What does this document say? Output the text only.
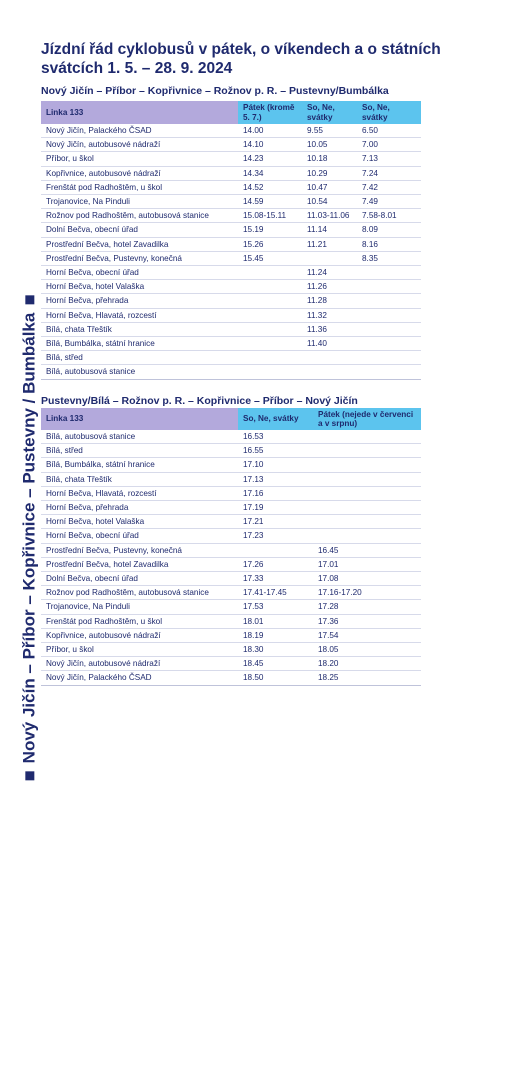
Nový Jičín – Příbor – Kopřivnice – Pustevny / Bumbálka
Jízdní řád cyklobusů v pátek, o víkendech a o státních svátcích 1. 5. – 28. 9. 2024
Nový Jičín – Příbor – Kopřivnice – Rožnov p. R. – Pustevny/Bumbálka
Linka 133	Pátek (kromě 5. 7.)	So, Ne, svátky	So, Ne, svátky
Nový Jičín, Palackého ČSAD	14.00	9.55	6.50
Nový Jičín, autobusové nádraží	14.10	10.05	7.00
Příbor, u škol	14.23	10.18	7.13
Kopřivnice, autobusové nádraží	14.34	10.29	7.24
Frenštát pod Radhoštěm, u škol	14.52	10.47	7.42
Trojanovice, Na Pinduli	14.59	10.54	7.49
Rožnov pod Radhoštěm, autobusová stanice	15.08-15.11	11.03-11.06	7.58-8.01
Dolní Bečva, obecní úřad	15.19	11.14	8.09
Prostřední Bečva, hotel Zavadilka	15.26	11.21	8.16
Prostřední Bečva, Pustevny, konečná	15.45		8.35
Horní Bečva, obecní úřad		11.24	
Horní Bečva, hotel Valaška		11.26	
Horní Bečva, přehrada		11.28	
Horní Bečva, Hlavatá, rozcestí		11.32	
Bílá, chata Třeštík		11.36	
Bílá, Bumbálka, státní hranice		11.40	
Bílá, střed			
Bílá, autobusová stanice			
Pustevny/Bílá – Rožnov p. R. – Kopřivnice – Příbor – Nový Jičín
Linka 133	So, Ne, svátky	Pátek (nejede v červenci a v srpnu)
Bílá, autobusová stanice	16.53	
Bílá, střed	16.55	
Bílá, Bumbálka, státní hranice	17.10	
Bílá, chata Třeštík	17.13	
Horní Bečva, Hlavatá, rozcestí	17.16	
Horní Bečva, přehrada	17.19	
Horní Bečva, hotel Valaška	17.21	
Horní Bečva, obecní úřad	17.23	
Prostřední Bečva, Pustevny, konečná		16.45
Prostřední Bečva, hotel Zavadilka	17.26	17.01
Dolní Bečva, obecní úřad	17.33	17.08
Rožnov pod Radhoštěm, autobusová stanice	17.41-17.45	17.16-17.20
Trojanovice, Na Pinduli	17.53	17.28
Frenštát pod Radhoštěm, u škol	18.01	17.36
Kopřivnice, autobusové nádraží	18.19	17.54
Příbor, u škol	18.30	18.05
Nový Jičín, autobusové nádraží	18.45	18.20
Nový Jičín, Palackého ČSAD	18.50	18.25
